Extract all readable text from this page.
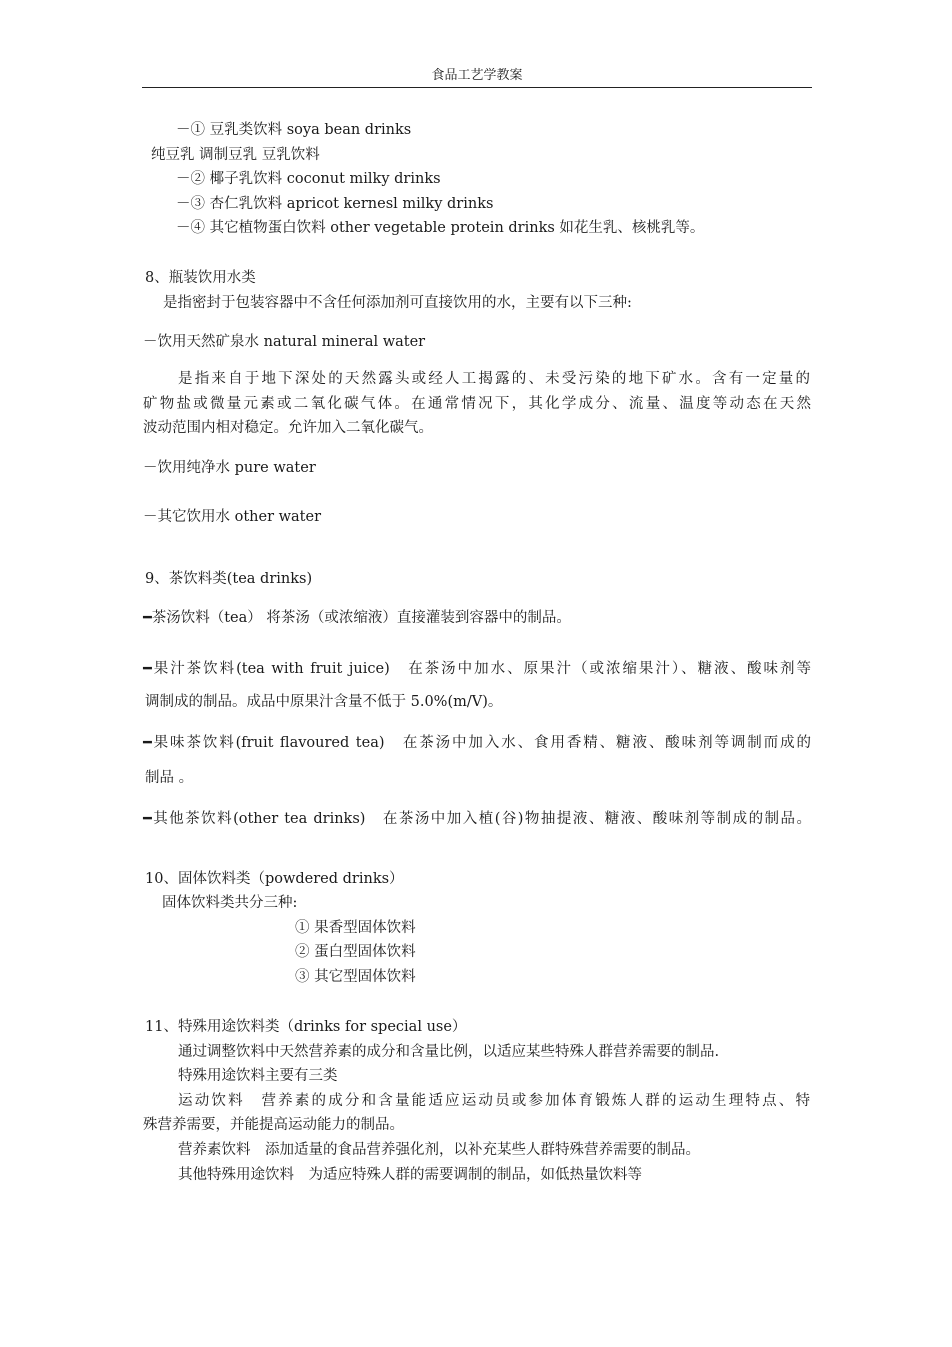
食品工艺学教案
－① 豆乳类饮料 soya bean drinks
纯豆乳 调制豆乳 豆乳饮料
－② 椰子乳饮料 coconut milky drinks
－③ 杏仁乳饮料 apricot kernesl milky drinks
－④ 其它植物蛋白饮料 other vegetable protein drinks 如花生乳、核桃乳等。
8、瓶装饮用水类
是指密封于包装容器中不含任何添加剂可直接饮用的水，主要有以下三种:
－饮用天然矿泉水 natural mineral water
是指来自于地下深处的天然露头或经人工揭露的、未受污染的地下矿水。含有一定量的
矿物盐或微量元素或二氧化碳气体。在通常情况下，其化学成分、流量、温度等动态在天然
波动范围内相对稳定。允许加入二氧化碳气。
－饮用纯净水 pure water
－其它饮用水 other water
9、茶饮料类(tea drinks)
━茶汤饮料（tea） 将茶汤（或浓缩液）直接灌装到容器中的制品。
━果汁茶饮料(tea with fruit juice)　在茶汤中加水、原果汁（或浓缩果汁）、糖液、酸味剂等
调制成的制品。成品中原果汁含量不低于 5.0%(m/V)。
━果味茶饮料(fruit flavoured tea)　在茶汤中加入水、食用香精、糖液、酸味剂等调制而成的
制品 。
━其他茶饮料(other tea drinks)　在茶汤中加入植(谷)物抽提液、糖液、酸味剂等制成的制品。
10、固体饮料类（powdered drinks）
固体饮料类共分三种:
① 果香型固体饮料
② 蛋白型固体饮料
③ 其它型固体饮料
11、特殊用途饮料类（drinks for special use）
通过调整饮料中天然营养素的成分和含量比例，以适应某些特殊人群营养需要的制品.
特殊用途饮料主要有三类
运动饮料　营养素的成分和含量能适应运动员或参加体育锻炼人群的运动生理特点、特
殊营养需要，并能提高运动能力的制品。
营养素饮料　添加适量的食品营养强化剂，以补充某些人群特殊营养需要的制品。
其他特殊用途饮料　为适应特殊人群的需要调制的制品，如低热量饮料等
